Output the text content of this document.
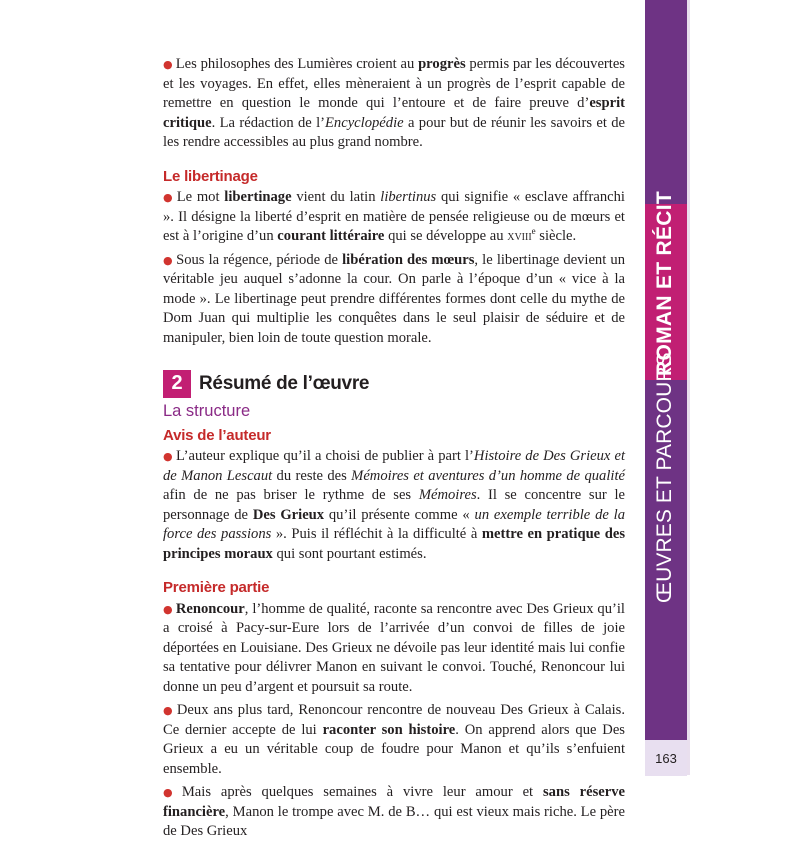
● Les philosophes des Lumières croient au progrès permis par les découvertes et les voyages. En effet, elles mèneraient à un progrès de l’esprit capable de remettre en question le monde qui l’entoure et de faire preuve d’esprit critique. La rédaction de l’Encyclopédie a pour but de réunir les savoirs et de les rendre accessibles au plus grand nombre.

Le libertinage

● Le mot libertinage vient du latin libertinus qui signifie « esclave affranchi ». Il désigne la liberté d’esprit en matière de pensée religieuse ou de mœurs et est à l’origine d’un courant littéraire qui se développe au xviii$^e$ siècle.

● Sous la régence, période de libération des mœurs, le libertinage devient un véritable jeu auquel s’adonne la cour. On parle à l’époque d’un « vice à la mode ». Le libertinage peut prendre différentes formes dont celle du mythe de Dom Juan qui multiplie les conquêtes dans le seul plaisir de séduire et de manipuler, bien loin de toute question morale.

2 Résumé de l’œuvre
La structure
Avis de l’auteur

● L’auteur explique qu’il a choisi de publier à part l’Histoire de Des Grieux et de Manon Lescaut du reste des Mémoires et aventures d’un homme de qualité afin de ne pas briser le rythme de ses Mémoires. Il se concentre sur le personnage de Des Grieux qu’il présente comme « un exemple terrible de la force des passions ». Puis il réfléchit à la difficulté à mettre en pratique des principes moraux qui sont pourtant estimés.

Première partie

● Renoncour, l’homme de qualité, raconte sa rencontre avec Des Grieux qu’il a croisé à Pacy-sur-Eure lors de l’arrivée d’un convoi de filles de joie déportées en Louisiane. Des Grieux ne dévoile pas leur identité mais lui confie sa tentative pour délivrer Manon en suivant le convoi. Touché, Renoncour lui donne un peu d’argent et poursuit sa route.

● Deux ans plus tard, Renoncour rencontre de nouveau Des Grieux à Calais. Ce dernier accepte de lui raconter son histoire. On apprend alors que Des Grieux a eu un véritable coup de foudre pour Manon et qu’ils s’enfuient ensemble.

● Mais après quelques semaines à vivre leur amour et sans réserve financière, Manon le trompe avec M. de B… qui est vieux mais riche. Le père de Des Grieux

ROMAN ET RÉCIT
ŒUVRES ET PARCOURS
163
